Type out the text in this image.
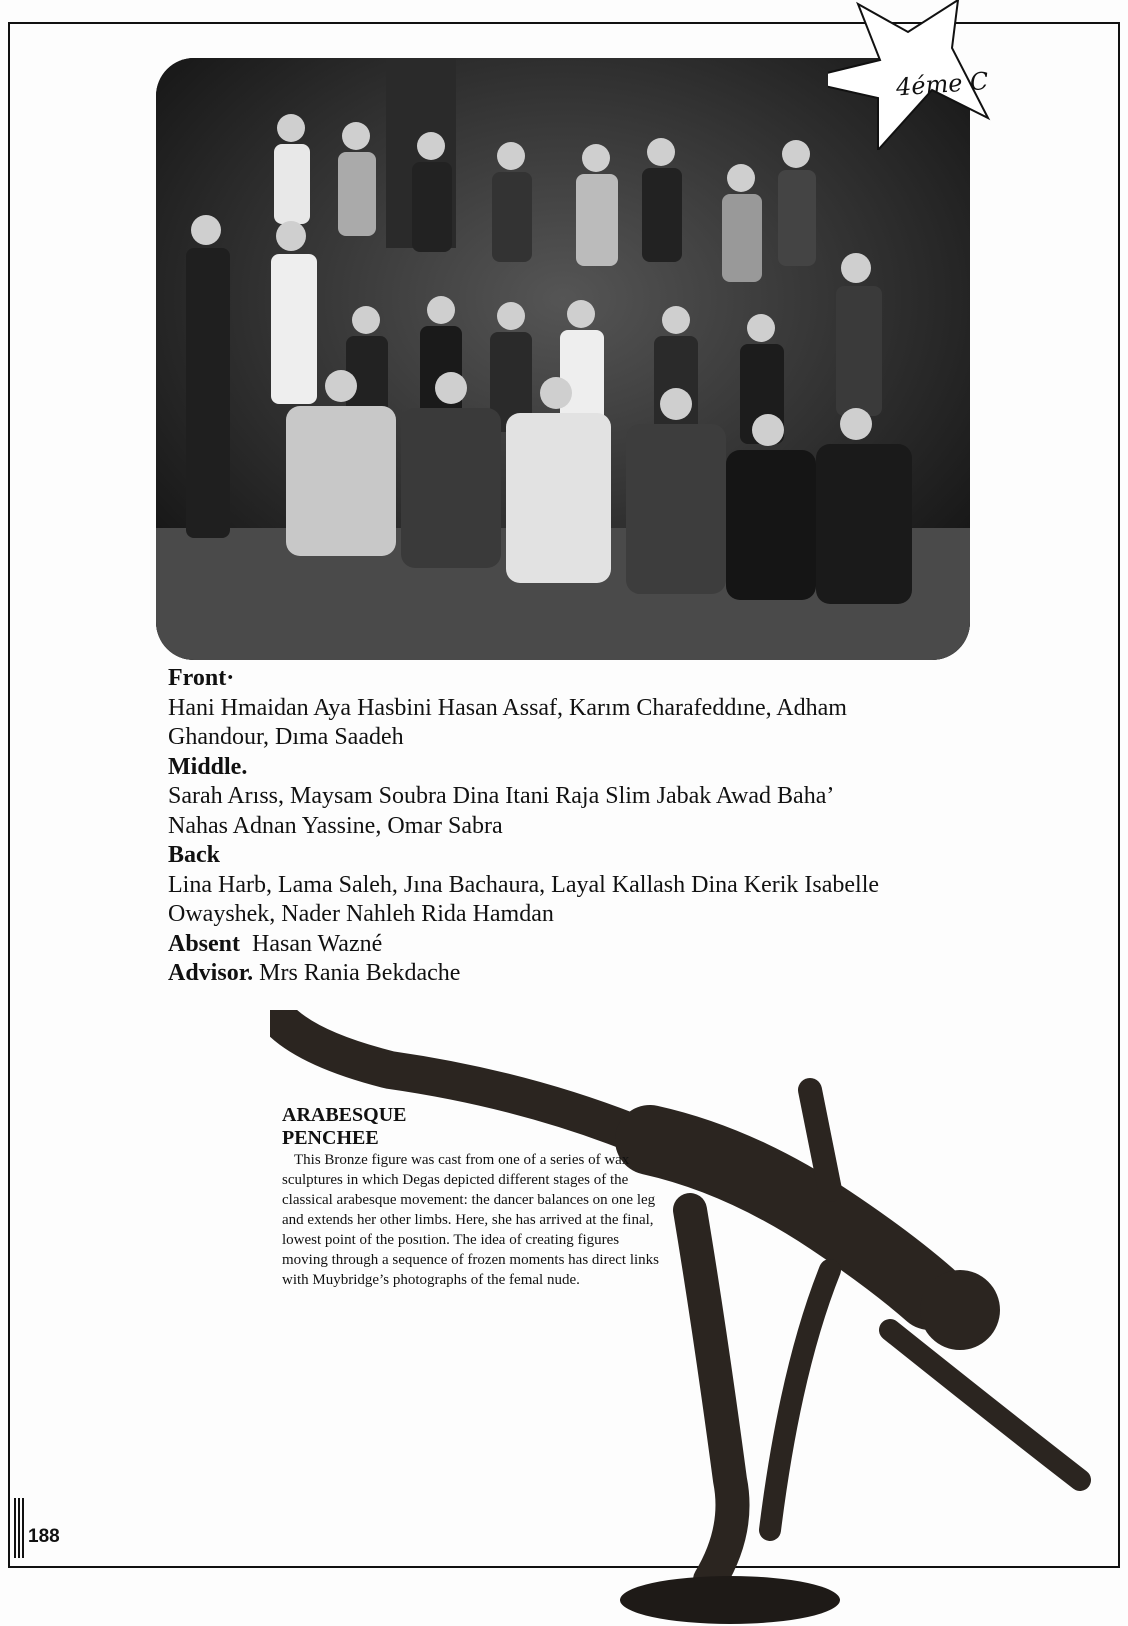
4éme C
Front·
Hani Hmaidan Aya Hasbini Hasan Assaf, Karım Charafeddıne, Adham
Ghandour, Dıma Saadeh
Middle.
Sarah Arıss, Maysam Soubra Dina Itani Raja Slim Jabak Awad Baha’
Nahas Adnan Yassine, Omar Sabra
Back
Lina Harb, Lama Saleh, Jına Bachaura, Layal Kallash Dina Kerik Isabelle
Owayshek, Nader Nahleh Rida Hamdan
Absent Hasan Wazné
Advisor. Mrs Rania Bekdache
ARABESQUE
PENCHEE
This Bronze figure was cast from one of a series of wax sculptures in which Degas depicted different stages of the classical arabesque movement: the dancer balances on one leg and extends her other limbs. Here, she has arrived at the final, lowest point of the posıtion. The idea of creating figures moving through a sequence of frozen moments has direct links with Muybridge’s photographs of the femal nude.
188
